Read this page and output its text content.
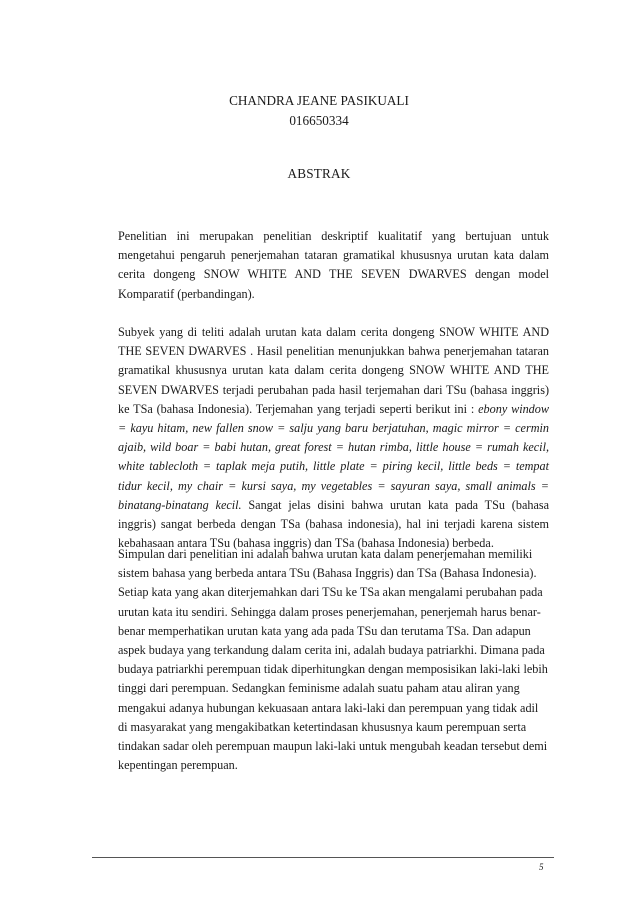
CHANDRA JEANE PASIKUALI
016650334
ABSTRAK

Penelitian ini merupakan penelitian deskriptif kualitatif yang bertujuan untuk mengetahui pengaruh penerjemahan tataran gramatikal khususnya urutan kata dalam cerita dongeng SNOW WHITE AND THE SEVEN DWARVES dengan model Komparatif (perbandingan).

Subyek yang di teliti adalah urutan kata dalam cerita dongeng SNOW WHITE AND THE SEVEN DWARVES . Hasil penelitian menunjukkan bahwa penerjemahan tataran gramatikal khususnya urutan kata dalam cerita dongeng SNOW WHITE AND THE SEVEN DWARVES terjadi perubahan pada hasil terjemahan dari TSu (bahasa inggris) ke TSa (bahasa Indonesia). Terjemahan yang terjadi seperti berikut ini : ebony window = kayu hitam, new fallen snow = salju yang baru berjatuhan, magic mirror = cermin ajaib, wild boar = babi hutan, great forest = hutan rimba, little house = rumah kecil, white tablecloth = taplak meja putih, little plate = piring kecil, little beds = tempat tidur kecil, my chair = kursi saya, my vegetables = sayuran saya, small animals = binatang-binatang kecil. Sangat jelas disini bahwa urutan kata pada TSu (bahasa inggris) sangat berbeda dengan TSa (bahasa indonesia), hal ini terjadi karena sistem kebahasaan antara TSu (bahasa inggris) dan TSa (bahasa Indonesia) berbeda.

Simpulan dari penelitian ini adalah bahwa urutan kata dalam penerjemahan memiliki sistem bahasa yang berbeda antara TSu (Bahasa Inggris) dan TSa (Bahasa Indonesia). Setiap kata yang akan diterjemahkan dari TSu ke TSa akan mengalami perubahan pada urutan kata itu sendiri. Sehingga dalam proses penerjemahan, penerjemah harus benar-benar memperhatikan urutan kata yang ada pada TSu dan terutama TSa. Dan adapun aspek budaya yang terkandung dalam cerita ini, adalah budaya patriarkhi. Dimana pada budaya patriarkhi perempuan tidak diperhitungkan dengan memposisikan laki-laki lebih tinggi dari perempuan. Sedangkan feminisme adalah suatu paham atau aliran yang mengakui adanya hubungan kekuasaan antara laki-laki dan perempuan yang tidak adil di masyarakat yang mengakibatkan ketertindasan khususnya kaum perempuan serta tindakan sadar oleh perempuan maupun laki-laki untuk mengubah keadan tersebut demi kepentingan perempuan.

5
